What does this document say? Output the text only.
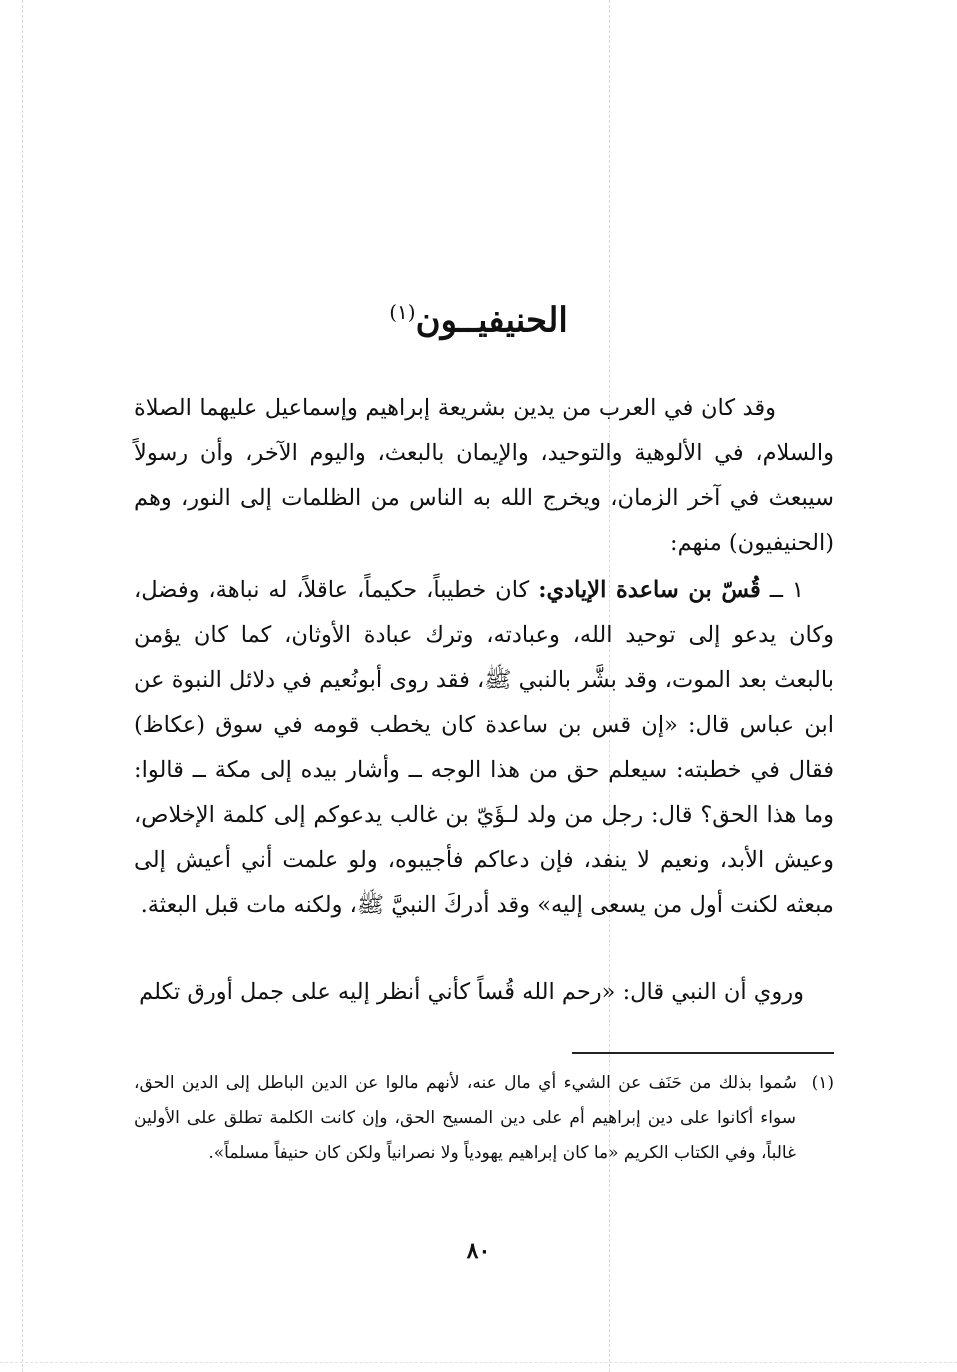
الحنيفيــون$^{(١)}$

وقد كان في العرب من يدين بشريعة إبراهيم وإسماعيل عليهما الصلاة والسلام، في الألوهية والتوحيد، والإيمان بالبعث، واليوم الآخر، وأن رسولاً سيبعث في آخر الزمان، ويخرج الله به الناس من الظلمات إلى النور، وهم (الحنيفيون) منهم:

١ ــ قُسّ بن ساعدة الإيادي: كان خطيباً، حكيماً، عاقلاً، له نباهة، وفضل، وكان يدعو إلى توحيد الله، وعبادته، وترك عبادة الأوثان، كما كان يؤمن بالبعث بعد الموت، وقد بشَّر بالنبي ﷺ، فقد روى أبونُعيم في دلائل النبوة عن ابن عباس قال: «إن قس بن ساعدة كان يخطب قومه في سوق (عكاظ) فقال في خطبته: سيعلم حق من هذا الوجه ــ وأشار بيده إلى مكة ــ قالوا: وما هذا الحق؟ قال: رجل من ولد لـؤَيّ بن غالب يدعوكم إلى كلمة الإخلاص، وعيش الأبد، ونعيم لا ينفد، فإن دعاكم فأجيبوه، ولو علمت أني أعيش إلى مبعثه لكنت أول من يسعى إليه» وقد أدركَ النبيَّ ﷺ، ولكنه مات قبل البعثة.

وروي أن النبي قال: «رحم الله قُساً كأني أنظر إليه على جمل أورق تكلم

(١)  سُموا بذلك من حَنَف عن الشيء أي مال عنه، لأنهم مالوا عن الدين الباطل إلى الدين الحق، سواء أكانوا على دين إبراهيم أم على دين المسيح الحق، وإن كانت الكلمة تطلق على الأولين غالباً، وفي الكتاب الكريم «ما كان إبراهيم يهودياً ولا نصرانياً ولكن كان حنيفاً مسلماً».

٨٠
